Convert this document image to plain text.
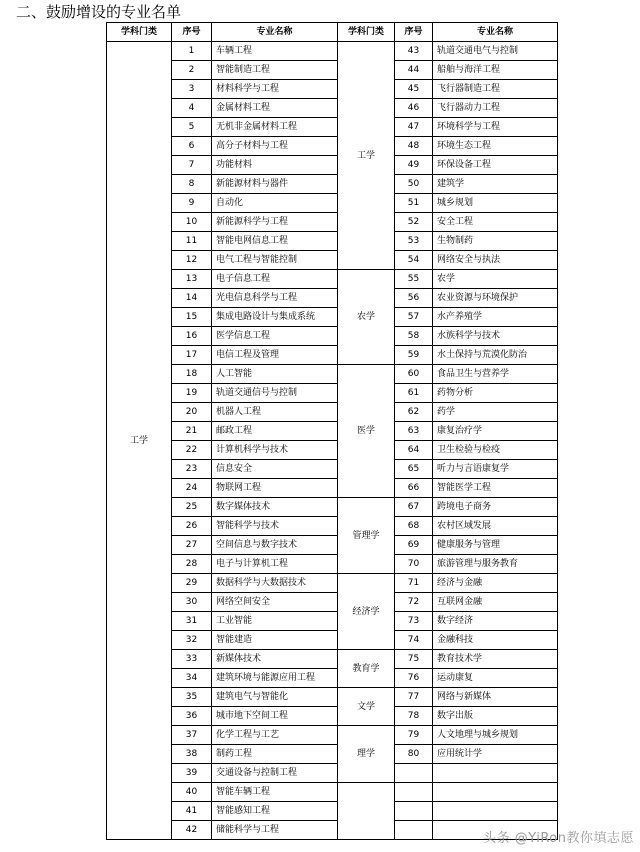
二、鼓励增设的专业名单
学科门类	序号	专业名称	学科门类	序号	专业名称
工学	1	车辆工程	工学	43	轨道交通电气与控制
	2	智能制造工程		44	船舶与海洋工程
	3	材料科学与工程		45	飞行器制造工程
	4	金属材料工程		46	飞行器动力工程
	5	无机非金属材料工程		47	环境科学与工程
	6	高分子材料与工程		48	环境生态工程
	7	功能材料		49	环保设备工程
	8	新能源材料与器件		50	建筑学
	9	自动化		51	城乡规划
	10	新能源科学与工程		52	安全工程
	11	智能电网信息工程		53	生物制药
	12	电气工程与智能控制		54	网络安全与执法
	13	电子信息工程	农学	55	农学
	14	光电信息科学与工程		56	农业资源与环境保护
	15	集成电路设计与集成系统		57	水产养殖学
	16	医学信息工程		58	水族科学与技术
	17	电信工程及管理		59	水土保持与荒漠化防治
	18	人工智能	医学	60	食品卫生与营养学
	19	轨道交通信号与控制		61	药物分析
	20	机器人工程		62	药学
	21	邮政工程		63	康复治疗学
	22	计算机科学与技术		64	卫生检验与检疫
	23	信息安全		65	听力与言语康复学
	24	物联网工程		66	智能医学工程
	25	数字媒体技术	管理学	67	跨境电子商务
	26	智能科学与技术		68	农村区域发展
	27	空间信息与数字技术		69	健康服务与管理
	28	电子与计算机工程		70	旅游管理与服务教育
	29	数据科学与大数据技术	经济学	71	经济与金融
	30	网络空间安全		72	互联网金融
	31	工业智能		73	数字经济
	32	智能建造		74	金融科技
	33	新媒体技术	教育学	75	教育技术学
	34	建筑环境与能源应用工程		76	运动康复
	35	建筑电气与智能化	文学	77	网络与新媒体
	36	城市地下空间工程		78	数字出版
	37	化学工程与工艺	理学	79	人文地理与城乡规划
	38	制药工程		80	应用统计学
	39	交通设备与控制工程			
	40	智能车辆工程			
	41	智能感知工程			
	42	储能科学与工程			
头条 @YiRon教你填志愿
